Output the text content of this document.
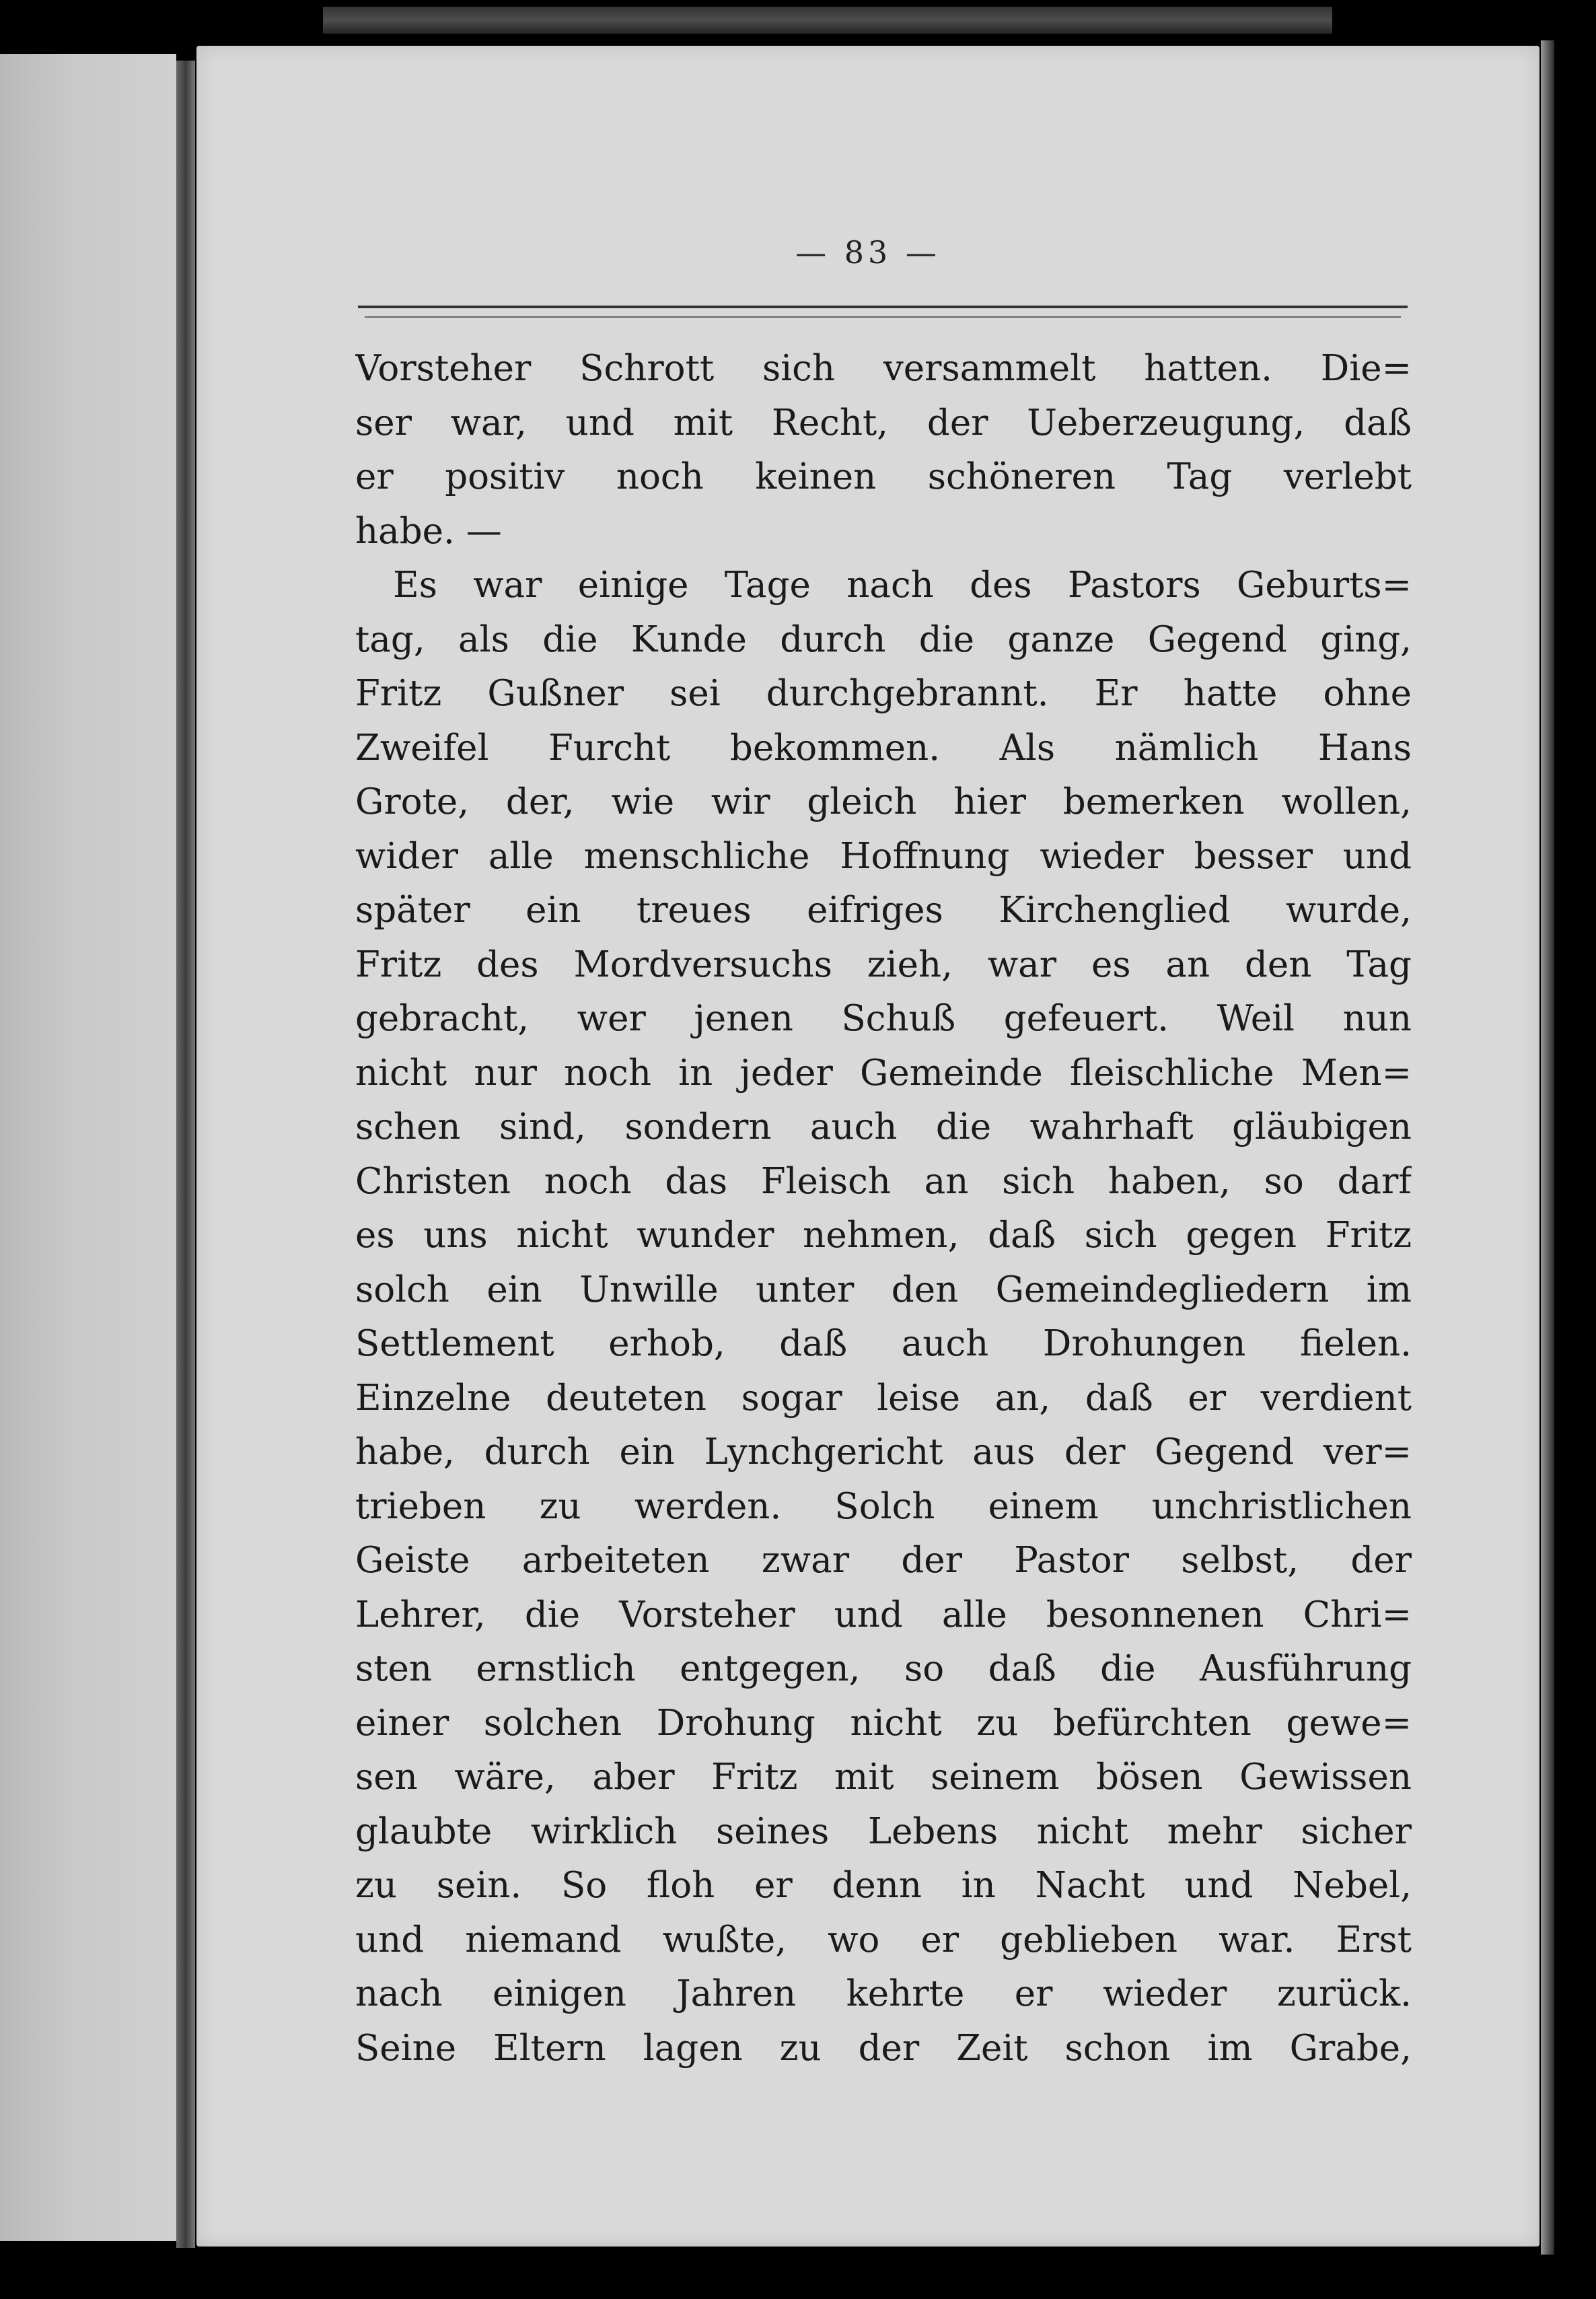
— 83 —
Vorsteher Schrott sich versammelt hatten. Die=
ser war, und mit Recht, der Ueberzeugung, daß
er positiv noch keinen schöneren Tag verlebt
habe. —
Es war einige Tage nach des Pastors Geburts=
tag, als die Kunde durch die ganze Gegend ging,
Fritz Gußner sei durchgebrannt. Er hatte ohne
Zweifel Furcht bekommen. Als nämlich Hans
Grote, der, wie wir gleich hier bemerken wollen,
wider alle menschliche Hoffnung wieder besser und
später ein treues eifriges Kirchenglied wurde,
Fritz des Mordversuchs zieh, war es an den Tag
gebracht, wer jenen Schuß gefeuert. Weil nun
nicht nur noch in jeder Gemeinde fleischliche Men=
schen sind, sondern auch die wahrhaft gläubigen
Christen noch das Fleisch an sich haben, so darf
es uns nicht wunder nehmen, daß sich gegen Fritz
solch ein Unwille unter den Gemeindegliedern im
Settlement erhob, daß auch Drohungen fielen.
Einzelne deuteten sogar leise an, daß er verdient
habe, durch ein Lynchgericht aus der Gegend ver=
trieben zu werden. Solch einem unchristlichen
Geiste arbeiteten zwar der Pastor selbst, der
Lehrer, die Vorsteher und alle besonnenen Chri=
sten ernstlich entgegen, so daß die Ausführung
einer solchen Drohung nicht zu befürchten gewe=
sen wäre, aber Fritz mit seinem bösen Gewissen
glaubte wirklich seines Lebens nicht mehr sicher
zu sein. So floh er denn in Nacht und Nebel,
und niemand wußte, wo er geblieben war. Erst
nach einigen Jahren kehrte er wieder zurück.
Seine Eltern lagen zu der Zeit schon im Grabe,
